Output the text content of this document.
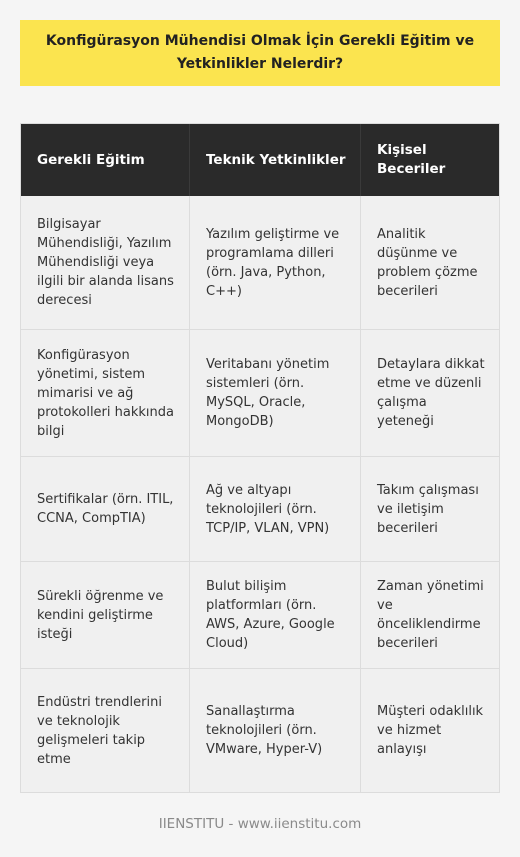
Konfigürasyon Mühendisi Olmak İçin Gerekli Eğitim ve Yetkinlikler Nelerdir?
Gerekli Eğitim	Teknik Yetkinlikler
Kişisel Beceriler
Bilgisayar Mühendisliği, Yazılım Mühendisliği veya ilgili bir alanda lisans derecesi
Yazılım geliştirme ve programlama dilleri (örn. Java, Python, C++)
Analitik düşünme ve problem çözme becerileri
Konfigürasyon yönetimi, sistem mimarisi ve ağ protokolleri hakkında bilgi
Veritabanı yönetim sistemleri (örn. MySQL, Oracle, MongoDB)
Detaylara dikkat etme ve düzenli çalışma yeteneği
Sertifikalar (örn. ITIL, CCNA, CompTIA)
Ağ ve altyapı teknolojileri (örn. TCP/IP, VLAN, VPN)
Takım çalışması ve iletişim becerileri
Sürekli öğrenme ve kendini geliştirme isteği
Bulut bilişim platformları (örn. AWS, Azure, Google Cloud)
Zaman yönetimi ve önceliklendirme becerileri
Endüstri trendlerini ve teknolojik gelişmeleri takip etme
Sanallaştırma teknolojileri (örn. VMware, Hyper-V)
Müşteri odaklılık ve hizmet anlayışı
IIENSTITU - www.iienstitu.com
